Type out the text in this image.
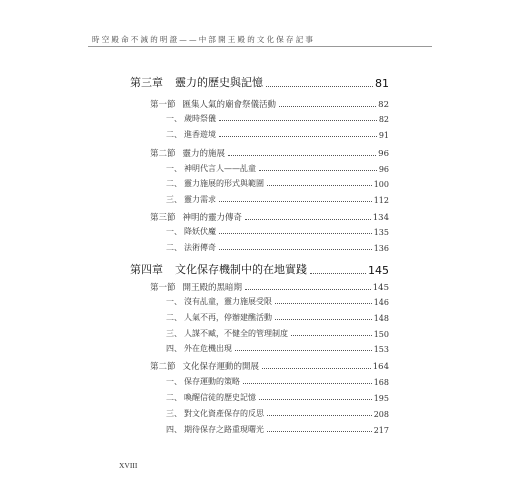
時空殿命不減的明證——中部開王殿的文化保存記事
第三章 靈力的歷史與記憶	81
第一節 匯集人氣的廟會祭儀活動	82
一、 歲時祭儀	82
二、 進香遊境	91
第二節 靈力的施展	96
一、 神明代言人——乩童	96
二、 靈力施展的形式與範圍	100
三、 靈力需求	112
第三節 神明的靈力傳奇	134
一、 降妖伏魔	135
二、 法術傳奇	136
第四章 文化保存機制中的在地實踐	145
第一節 開王殿的黑暗期	145
一、 沒有乩童，靈力施展受限	146
二、 人氣不再，停辦建醮活動	148
三、 人謀不臧，不健全的管理制度	150
四、 外在危機出現	153
第二節 文化保存運動的開展	164
一、 保存運動的策略	168
二、 喚醒信徒的歷史記憶	195
三、 對文化資產保存的反思	208
四、 期待保存之路重現曙光	217
XVIII
